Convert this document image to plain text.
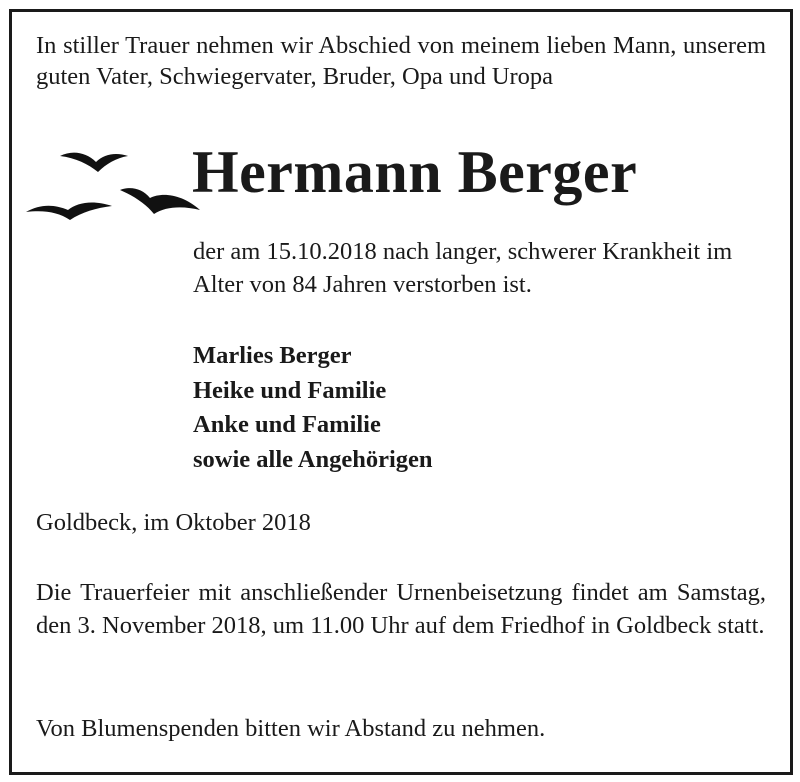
In stiller Trauer nehmen wir Abschied von meinem lieben Mann, unserem guten Vater, Schwiegervater, Bruder, Opa und Uropa
Hermann Berger
der am 15.10.2018 nach langer, schwerer Krankheit im Alter von 84 Jahren verstorben ist.
Marlies Berger
Heike und Familie
Anke und Familie
sowie alle Angehörigen
Goldbeck, im Oktober 2018
Die Trauerfeier mit anschließender Urnenbeisetzung findet am Samstag, den 3. November 2018, um 11.00 Uhr auf dem Friedhof in Goldbeck statt.
Von Blumenspenden bitten wir Abstand zu nehmen.
